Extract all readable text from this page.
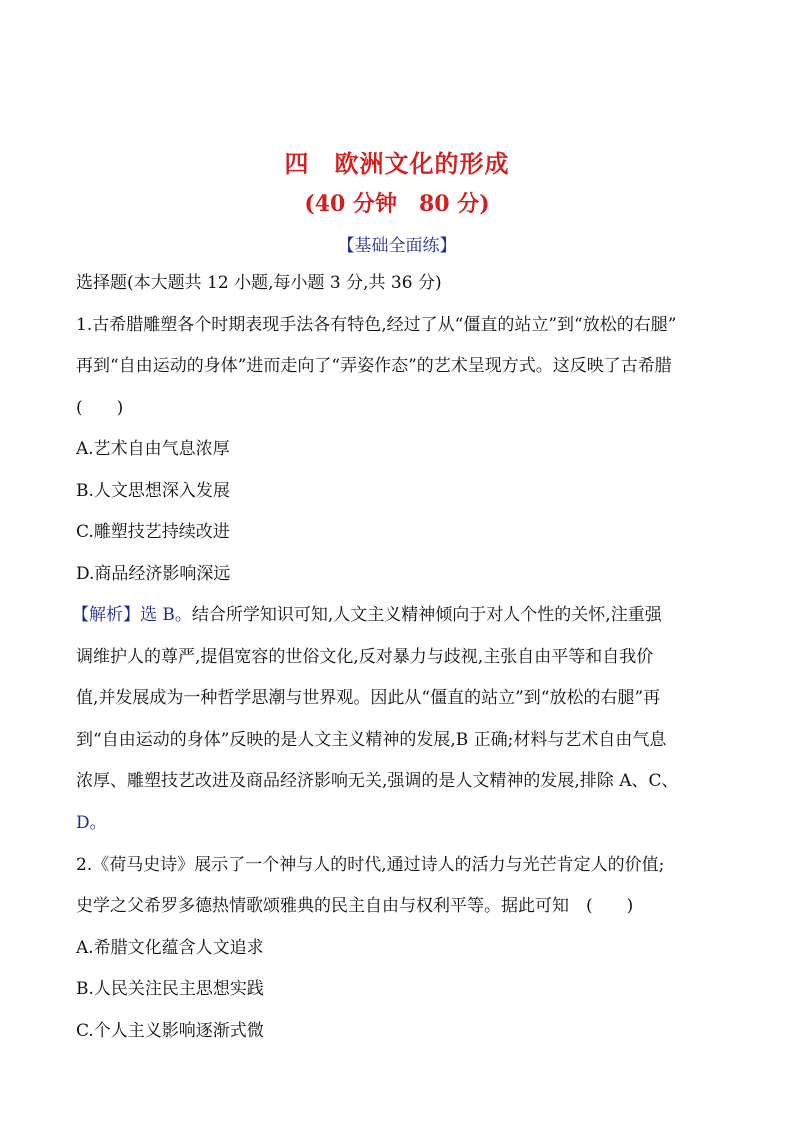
四　欧洲文化的形成
(40 分钟　80 分)
【基础全面练】
选择题(本大题共 12 小题,每小题 3 分,共 36 分)
1.古希腊雕塑各个时期表现手法各有特色,经过了从“僵直的站立”到“放松的右腿”
再到“自由运动的身体”进而走向了“弄姿作态”的艺术呈现方式。这反映了古希腊
(　　)
A.艺术自由气息浓厚
B.人文思想深入发展
C.雕塑技艺持续改进
D.商品经济影响深远
【解析】选 B。结合所学知识可知,人文主义精神倾向于对人个性的关怀,注重强
调维护人的尊严,提倡宽容的世俗文化,反对暴力与歧视,主张自由平等和自我价
值,并发展成为一种哲学思潮与世界观。因此从“僵直的站立”到“放松的右腿”再
到“自由运动的身体”反映的是人文主义精神的发展,B 正确;材料与艺术自由气息
浓厚、雕塑技艺改进及商品经济影响无关,强调的是人文精神的发展,排除 A、C、
D。
2.《荷马史诗》展示了一个神与人的时代,通过诗人的活力与光芒肯定人的价值;
史学之父希罗多德热情歌颂雅典的民主自由与权利平等。据此可知　(　　)
A.希腊文化蕴含人文追求
B.人民关注民主思想实践
C.个人主义影响逐渐式微
